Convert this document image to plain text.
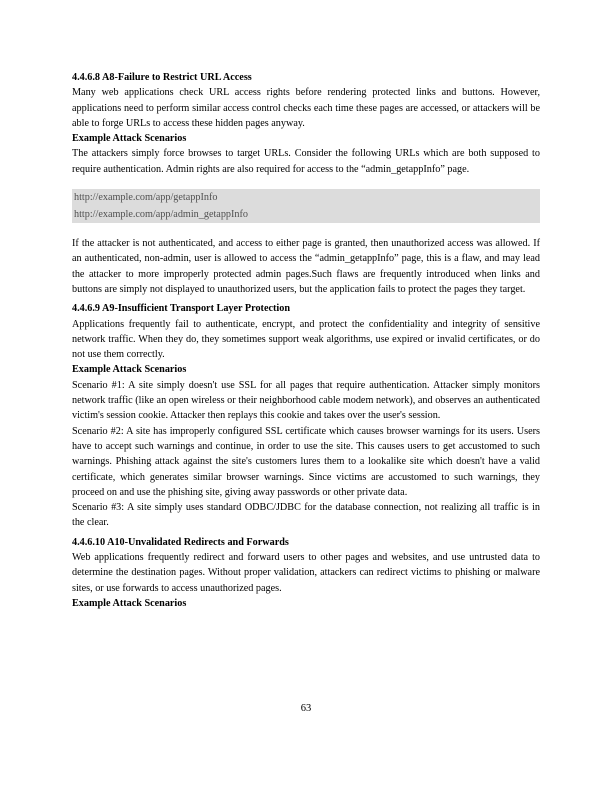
4.4.6.8 A8-Failure to Restrict URL Access

Many web applications check URL access rights before rendering protected links and buttons. However, applications need to perform similar access control checks each time these pages are accessed, or attackers will be able to forge URLs to access these hidden pages anyway.

Example Attack Scenarios

The attackers simply force browses to target URLs. Consider the following URLs which are both supposed to require authentication. Admin rights are also required for access to the “admin_getappInfo” page.

http://example.com/app/getappInfo
http://example.com/app/admin_getappInfo

If the attacker is not authenticated, and access to either page is granted, then unauthorized access was allowed. If an authenticated, non-admin, user is allowed to access the “admin_getappInfo” page, this is a flaw, and may lead the attacker to more improperly protected admin pages.Such flaws are frequently introduced when links and buttons are simply not displayed to unauthorized users, but the application fails to protect the pages they target.

4.4.6.9 A9-Insufficient Transport Layer Protection

Applications frequently fail to authenticate, encrypt, and protect the confidentiality and integrity of sensitive network traffic. When they do, they sometimes support weak algorithms, use expired or invalid certificates, or do not use them correctly.

Example Attack Scenarios

Scenario #1: A site simply doesn't use SSL for all pages that require authentication. Attacker simply monitors network traffic (like an open wireless or their neighborhood cable modem network), and observes an authenticated victim's session cookie. Attacker then replays this cookie and takes over the user's session.

Scenario #2: A site has improperly configured SSL certificate which causes browser warnings for its users. Users have to accept such warnings and continue, in order to use the site. This causes users to get accustomed to such warnings. Phishing attack against the site's customers lures them to a lookalike site which doesn't have a valid certificate, which generates similar browser warnings. Since victims are accustomed to such warnings, they proceed on and use the phishing site, giving away passwords or other private data.

Scenario #3: A site simply uses standard ODBC/JDBC for the database connection, not realizing all traffic is in the clear.

4.4.6.10 A10-Unvalidated Redirects and Forwards

Web applications frequently redirect and forward users to other pages and websites, and use untrusted data to determine the destination pages. Without proper validation, attackers can redirect victims to phishing or malware sites, or use forwards to access unauthorized pages.

Example Attack Scenarios

63
